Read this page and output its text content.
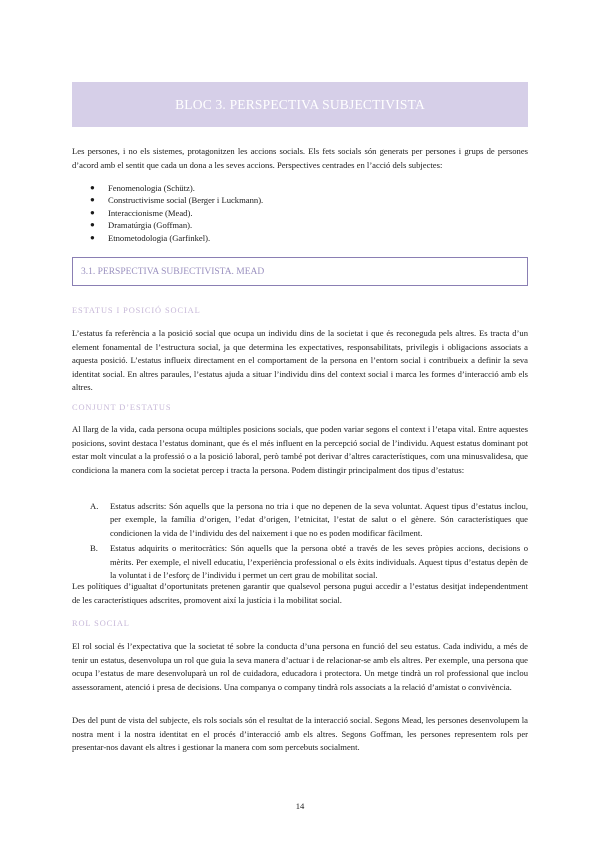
BLOC 3. PERSPECTIVA SUBJECTIVISTA

Les persones, i no els sistemes, protagonitzen les accions socials. Els fets socials són generats per persones i grups de persones d’acord amb el sentit que cada un dona a les seves accions. Perspectives centrades en l’acció dels subjectes:

● Fenomenologia (Schütz).
● Constructivisme social (Berger i Luckmann).
● Interaccionisme (Mead).
● Dramatúrgia (Goffman).
● Etnometodologia (Garfinkel).
3.1. PERSPECTIVA SUBJECTIVISTA. MEAD
ESTATUS I POSICIÓ SOCIAL

L’estatus fa referència a la posició social que ocupa un individu dins de la societat i que és reconeguda pels altres. Es tracta d’un element fonamental de l’estructura social, ja que determina les expectatives, responsabilitats, privilegis i obligacions associats a aquesta posició. L’estatus influeix directament en el comportament de la persona en l’entorn social i contribueix a definir la seva identitat social. En altres paraules, l’estatus ajuda a situar l’individu dins del context social i marca les formes d’interacció amb els altres.

CONJUNT D’ESTATUS

Al llarg de la vida, cada persona ocupa múltiples posicions socials, que poden variar segons el context i l’etapa vital. Entre aquestes posicions, sovint destaca l’estatus dominant, que és el més influent en la percepció social de l’individu. Aquest estatus dominant pot estar molt vinculat a la professió o a la posició laboral, però també pot derivar d’altres característiques, com una minusvalidesa, que condiciona la manera com la societat percep i tracta la persona. Podem distingir principalment dos tipus d’estatus:

A. Estatus adscrits: Són aquells que la persona no tria i que no depenen de la seva voluntat. Aquest tipus d’estatus inclou, per exemple, la família d’origen, l’edat d’origen, l’etnicitat, l’estat de salut o el gènere. Són característiques que condicionen la vida de l’individu des del naixement i que no es poden modificar fàcilment.
B. Estatus adquirits o meritocràtics: Són aquells que la persona obté a través de les seves pròpies accions, decisions o mèrits. Per exemple, el nivell educatiu, l’experiència professional o els èxits individuals. Aquest tipus d’estatus depèn de la voluntat i de l’esforç de l’individu i permet un cert grau de mobilitat social.

Les polítiques d’igualtat d’oportunitats pretenen garantir que qualsevol persona pugui accedir a l’estatus desitjat independentment de les característiques adscrites, promovent així la justícia i la mobilitat social.

ROL SOCIAL

El rol social és l’expectativa que la societat té sobre la conducta d’una persona en funció del seu estatus. Cada individu, a més de tenir un estatus, desenvolupa un rol que guia la seva manera d’actuar i de relacionar-se amb els altres. Per exemple, una persona que ocupa l’estatus de mare desenvoluparà un rol de cuidadora, educadora i protectora. Un metge tindrà un rol professional que inclou assessorament, atenció i presa de decisions. Una companya o company tindrà rols associats a la relació d’amistat o convivència.

Des del punt de vista del subjecte, els rols socials són el resultat de la interacció social. Segons Mead, les persones desenvolupem la nostra ment i la nostra identitat en el procés d’interacció amb els altres. Segons Goffman, les persones representem rols per presentar-nos davant els altres i gestionar la manera com som percebuts socialment.

14
